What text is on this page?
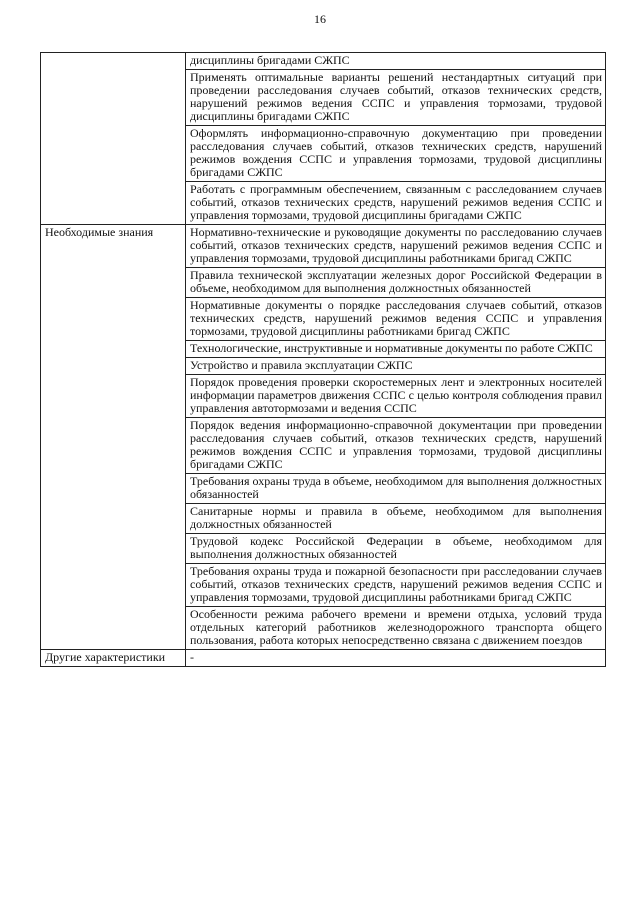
16
	дисциплины бригадами СЖПС
	Применять оптимальные варианты решений нестандартных ситуаций при проведении расследования случаев событий, отказов технических средств, нарушений режимов ведения ССПС и управления тормозами, трудовой дисциплины бригадами СЖПС
	Оформлять информационно-справочную документацию при проведении расследования случаев событий, отказов технических средств, нарушений режимов вождения ССПС и управления тормозами, трудовой дисциплины бригадами СЖПС
	Работать с программным обеспечением, связанным с расследованием случаев событий, отказов технических средств, нарушений режимов ведения ССПС и управления тормозами, трудовой дисциплины бригадами СЖПС
Необходимые знания	Нормативно-технические и руководящие документы по расследованию случаев событий, отказов технических средств, нарушений режимов ведения ССПС и управления тормозами, трудовой дисциплины работниками бригад СЖПС
	Правила технической эксплуатации железных дорог Российской Федерации в объеме, необходимом для выполнения должностных обязанностей
	Нормативные документы о порядке расследования случаев событий, отказов технических средств, нарушений режимов ведения ССПС и управления тормозами, трудовой дисциплины работниками бригад СЖПС
	Технологические, инструктивные и нормативные документы по работе СЖПС
	Устройство и правила эксплуатации СЖПС
	Порядок проведения проверки скоростемерных лент и электронных носителей информации параметров движения ССПС с целью контроля соблюдения правил управления автотормозами и ведения ССПС
	Порядок ведения информационно-справочной документации при проведении расследования случаев событий, отказов технических средств, нарушений режимов вождения ССПС и управления тормозами, трудовой дисциплины бригадами СЖПС
	Требования охраны труда в объеме, необходимом для выполнения должностных обязанностей
	Санитарные нормы и правила в объеме, необходимом для выполнения должностных обязанностей
	Трудовой кодекс Российской Федерации в объеме, необходимом для выполнения должностных обязанностей
	Требования охраны труда и пожарной безопасности при расследовании случаев событий, отказов технических средств, нарушений режимов ведения ССПС и управления тормозами, трудовой дисциплины работниками бригад СЖПС
	Особенности режима рабочего времени и времени отдыха, условий труда отдельных категорий работников железнодорожного транспорта общего пользования, работа которых непосредственно связана с движением поездов
Другие характеристики	-
